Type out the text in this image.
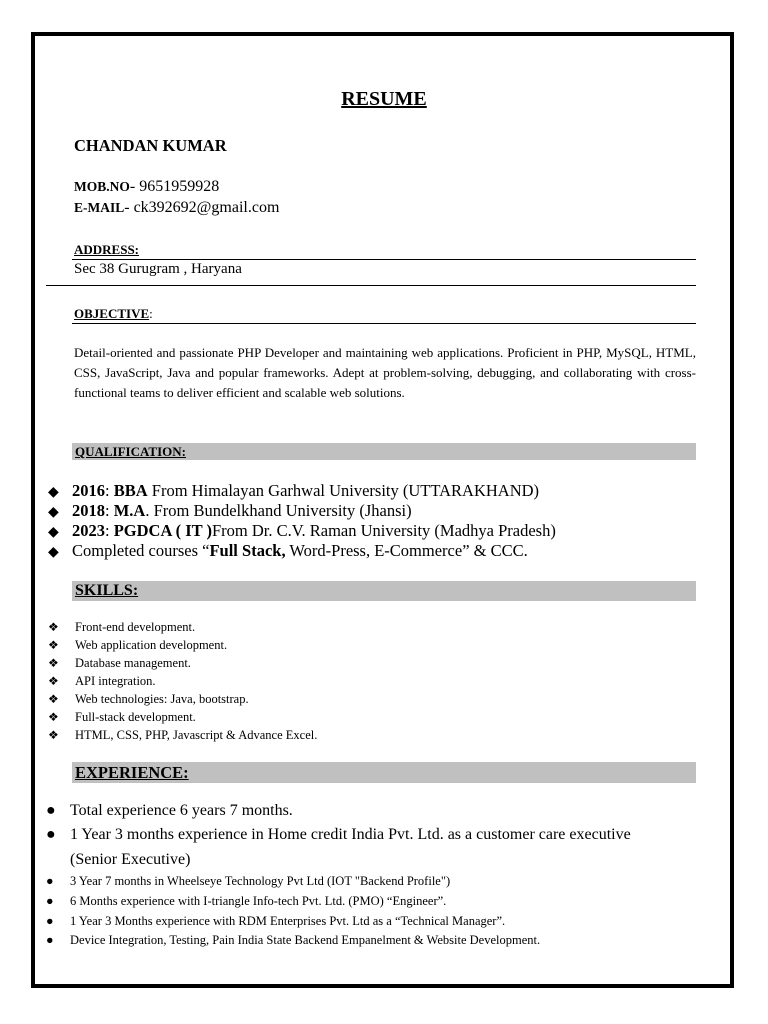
RESUME
CHANDAN KUMAR
MOB.NO- 9651959928
E-MAIL- ck392692@gmail.com
ADDRESS:
Sec 38 Gurugram , Haryana
OBJECTIVE:
Detail-oriented and passionate PHP Developer and maintaining web applications. Proficient in PHP, MySQL, HTML, CSS, JavaScript, Java and popular frameworks. Adept at problem-solving, debugging, and collaborating with cross-functional teams to deliver efficient and scalable web solutions.
QUALIFICATION:
◆ 2016: BBA From Himalayan Garhwal University (UTTARAKHAND)
◆ 2018: M.A. From Bundelkhand University (Jhansi)
◆ 2023: PGDCA ( IT )From Dr. C.V. Raman University (Madhya Pradesh)
◆ Completed courses “Full Stack, Word-Press, E-Commerce” & CCC.
SKILLS:
❖ Front-end development.
❖ Web application development.
❖ Database management.
❖ API integration.
❖ Web technologies: Java, bootstrap.
❖ Full-stack development.
❖ HTML, CSS, PHP, Javascript & Advance Excel.
EXPERIENCE:
● Total experience 6 years 7 months.
● 1 Year 3 months experience in Home credit India Pvt. Ltd. as a customer care executive
(Senior Executive)
● 3 Year 7 months in Wheelseye Technology Pvt Ltd (IOT "Backend Profile")
● 6 Months experience with I-triangle Info-tech Pvt. Ltd. (PMO) “Engineer”.
● 1 Year 3 Months experience with RDM Enterprises Pvt. Ltd as a “Technical Manager”.
● Device Integration, Testing, Pain India State Backend Empanelment & Website Development.
